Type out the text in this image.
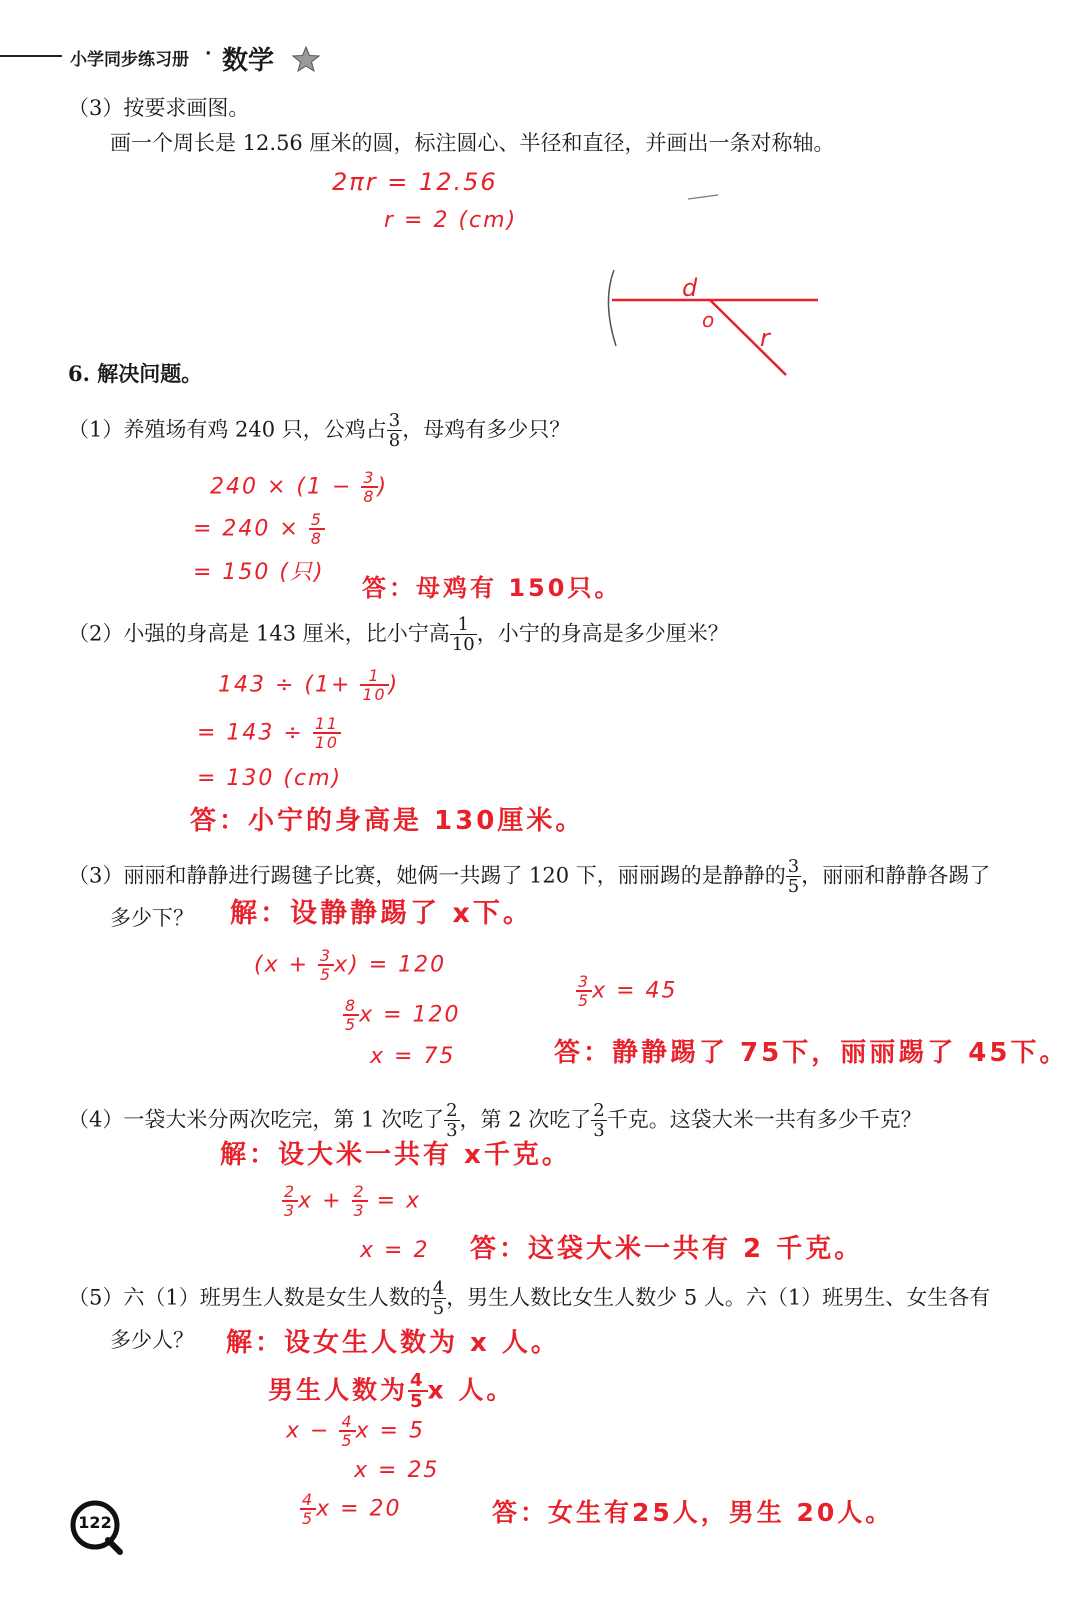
小学同步练习册 · 数学
（3）按要求画图。
画一个周长是 12.56 厘米的圆，标注圆心、半径和直径，并画出一条对称轴。
2πr = 12.56
r = 2 (cm)
d
o
r
6. 解决问题。
（1）养殖场有鸡 240 只，公鸡占 $\frac{3}{8}$ ，母鸡有多少只？
$240 \times (1 - \frac{3}{8}$ )
= $240 \times \frac{5}{8}$
= 150 (只)
答：母鸡有 150只。
（2）小强的身高是 143 厘米，比小宁高 $\frac{1}{10}$ ，小宁的身高是多少厘米？
$143 \div (1+ \frac{1}{10}$ )
= $143 \div \frac{11}{10}$
= 130 (cm)
答：小宁的身高是 130厘米。
（3）丽丽和静静进行踢毽子比赛，她俩一共踢了 120 下，丽丽踢的是静静的 $\frac{3}{5}$ ，丽丽和静静各踢了
多少下？ 解：设静静踢了 x下。
$(x + \frac{3}{5} x) = 120$
$\frac{8}{5}$ x = 120
x = 75
$\frac{3}{5}$ x = 45
答：静静踢了 75下，丽丽踢了 45下。
（4）一袋大米分两次吃完，第 1 次吃了 $\frac{2}{3}$ ，第 2 次吃了 $\frac{2}{3}$ 千克。这袋大米一共有多少千克？
解：设大米一共有 x千克。
$\frac{2}{3}$ $x + \frac{2}{3} = x$
x = 2 答：这袋大米一共有 2 千克。
（5）六（1）班男生人数是女生人数的 $\frac{4}{5}$ ，男生人数比女生人数少 5 人。六（1）班男生、女生各有
多少人？ 解：设女生人数为 x 人。
男生人数为 $\frac{4}{5}$ x 人。
$x - \frac{4}{5}$ x = 5
x = 25
$\frac{4}{5}$ x = 20	答：女生有25人，男生 20人。
122
